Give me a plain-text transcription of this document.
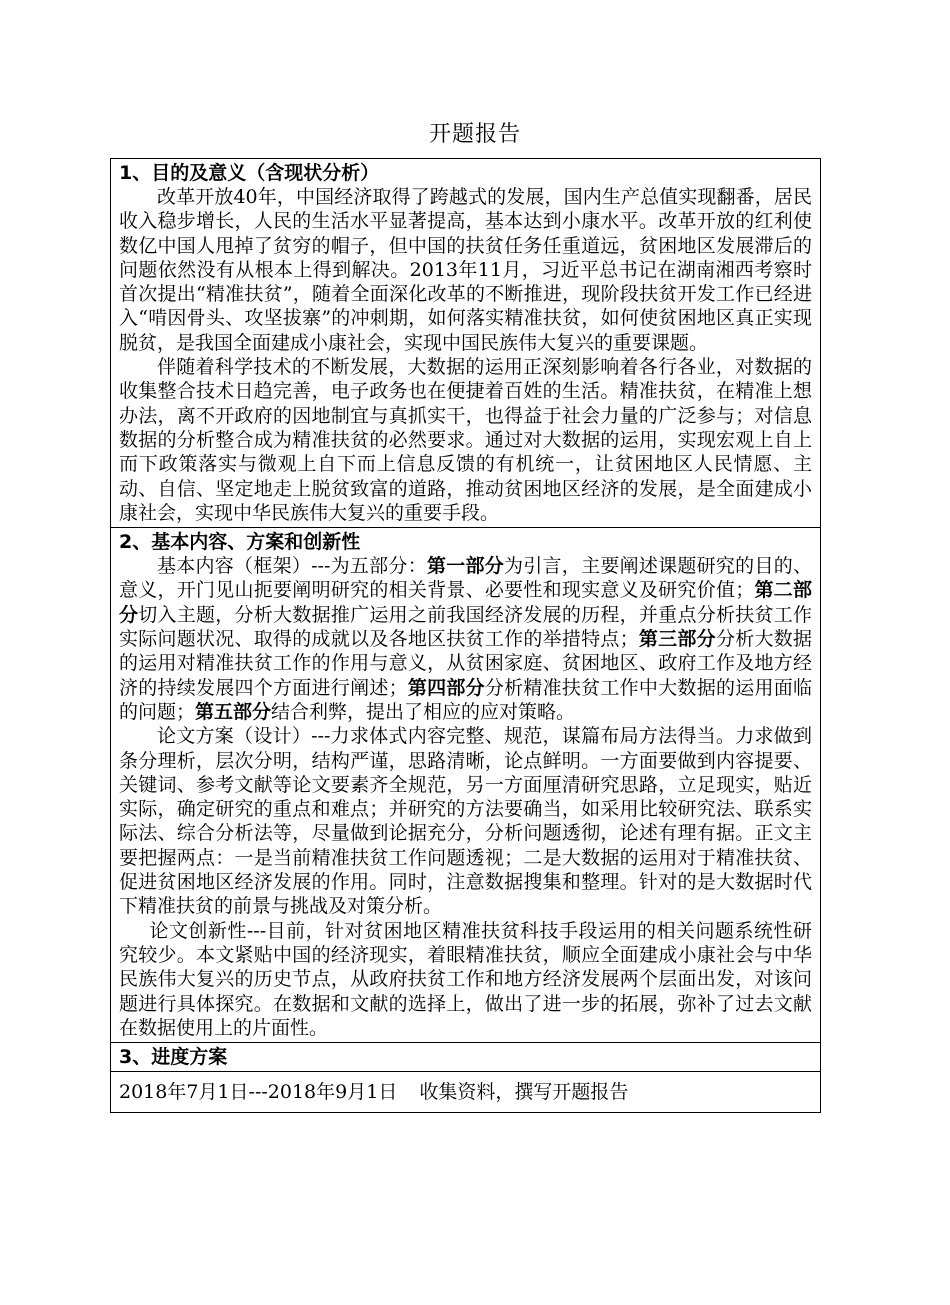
开题报告

1、目的及意义（含现状分析）

改革开放40年，中国经济取得了跨越式的发展，国内生产总值实现翻番，居民收入稳步增长，人民的生活水平显著提高，基本达到小康水平。改革开放的红利使数亿中国人甩掉了贫穷的帽子，但中国的扶贫任务任重道远，贫困地区发展滞后的问题依然没有从根本上得到解决。2013年11月，习近平总书记在湖南湘西考察时首次提出“精准扶贫”，随着全面深化改革的不断推进，现阶段扶贫开发工作已经进入“啃因骨头、攻坚拔寨”的冲刺期，如何落实精准扶贫，如何使贫困地区真正实现脱贫，是我国全面建成小康社会，实现中国民族伟大复兴的重要课题。

伴随着科学技术的不断发展，大数据的运用正深刻影响着各行各业，对数据的收集整合技术日趋完善，电子政务也在便捷着百姓的生活。精准扶贫，在精准上想办法，离不开政府的因地制宜与真抓实干，也得益于社会力量的广泛参与；对信息数据的分析整合成为精准扶贫的必然要求。通过对大数据的运用，实现宏观上自上而下政策落实与微观上自下而上信息反馈的有机统一，让贫困地区人民情愿、主动、自信、坚定地走上脱贫致富的道路，推动贫困地区经济的发展，是全面建成小康社会，实现中华民族伟大复兴的重要手段。

2、基本内容、方案和创新性

基本内容（框架）---为五部分：第一部分为引言，主要阐述课题研究的目的、意义，开门见山扼要阐明研究的相关背景、必要性和现实意义及研究价值；第二部分切入主题，分析大数据推广运用之前我国经济发展的历程，并重点分析扶贫工作实际问题状况、取得的成就以及各地区扶贫工作的举措特点；第三部分分析大数据的运用对精准扶贫工作的作用与意义，从贫困家庭、贫困地区、政府工作及地方经济的持续发展四个方面进行阐述；第四部分分析精准扶贫工作中大数据的运用面临的问题；第五部分结合利弊，提出了相应的应对策略。

论文方案（设计）---力求体式内容完整、规范，谋篇布局方法得当。力求做到条分理析，层次分明，结构严谨，思路清晰，论点鲜明。一方面要做到内容提要、关键词、参考文献等论文要素齐全规范，另一方面厘清研究思路，立足现实，贴近实际，确定研究的重点和难点；并研究的方法要确当，如采用比较研究法、联系实际法、综合分析法等，尽量做到论据充分，分析问题透彻，论述有理有据。正文主要把握两点：一是当前精准扶贫工作问题透视；二是大数据的运用对于精准扶贫、促进贫困地区经济发展的作用。同时，注意数据搜集和整理。针对的是大数据时代下精准扶贫的前景与挑战及对策分析。

论文创新性---目前，针对贫困地区精准扶贫科技手段运用的相关问题系统性研究较少。本文紧贴中国的经济现实，着眼精准扶贫，顺应全面建成小康社会与中华民族伟大复兴的历史节点，从政府扶贫工作和地方经济发展两个层面出发，对该问题进行具体探究。在数据和文献的选择上，做出了进一步的拓展，弥补了过去文献在数据使用上的片面性。

3、进度方案

2018年7月1日---2018年9月1日 收集资料，撰写开题报告
